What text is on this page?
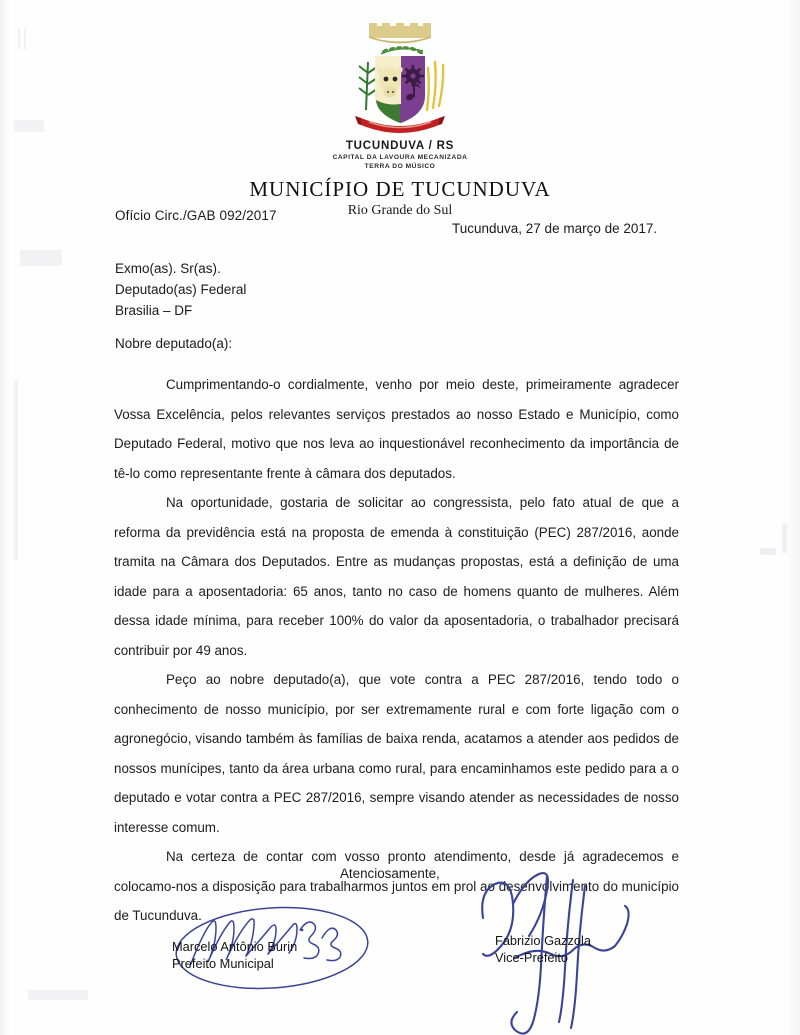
TUCUNDUVA / RS
CAPITAL DA LAVOURA MECANIZADA
TERRA DO MÚSICO
MUNICÍPIO DE TUCUNDUVA
Rio Grande do Sul
Ofício Circ./GAB 092/2017
Tucunduva, 27 de março de 2017.
Exmo(as). Sr(as).
Deputado(as) Federal
Brasilia – DF
Nobre deputado(a):

Cumprimentando-o cordialmente, venho por meio deste, primeiramente agradecer Vossa Excelência, pelos relevantes serviços prestados ao nosso Estado e Município, como Deputado Federal, motivo que nos leva ao inquestionável reconhecimento da importância de tê-lo como representante frente à câmara dos deputados.

Na oportunidade, gostaria de solicitar ao congressista, pelo fato atual de que a reforma da previdência está na proposta de emenda à constituição (PEC) 287/2016, aonde tramita na Câmara dos Deputados. Entre as mudanças propostas, está a definição de uma idade para a aposentadoria: 65 anos, tanto no caso de homens quanto de mulheres. Além dessa idade mínima, para receber 100% do valor da aposentadoria, o trabalhador precisará contribuir por 49 anos.

Peço ao nobre deputado(a), que vote contra a PEC 287/2016, tendo todo o conhecimento de nosso município, por ser extremamente rural e com forte ligação com o agronegócio, visando também às famílias de baixa renda, acatamos a atender aos pedidos de nossos munícipes, tanto da área urbana como rural, para encaminhamos este pedido para a o deputado e votar contra a PEC 287/2016, sempre visando atender as necessidades de nosso interesse comum.

Na certeza de contar com vosso pronto atendimento, desde já agradecemos e colocamo-nos a disposição para trabalharmos juntos em prol ao desenvolvimento do município de Tucunduva.

Atenciosamente,
Marcelo Antônio Burin
Prefeito Municipal
Fabrizio Gazzola
Vice-Prefeito
